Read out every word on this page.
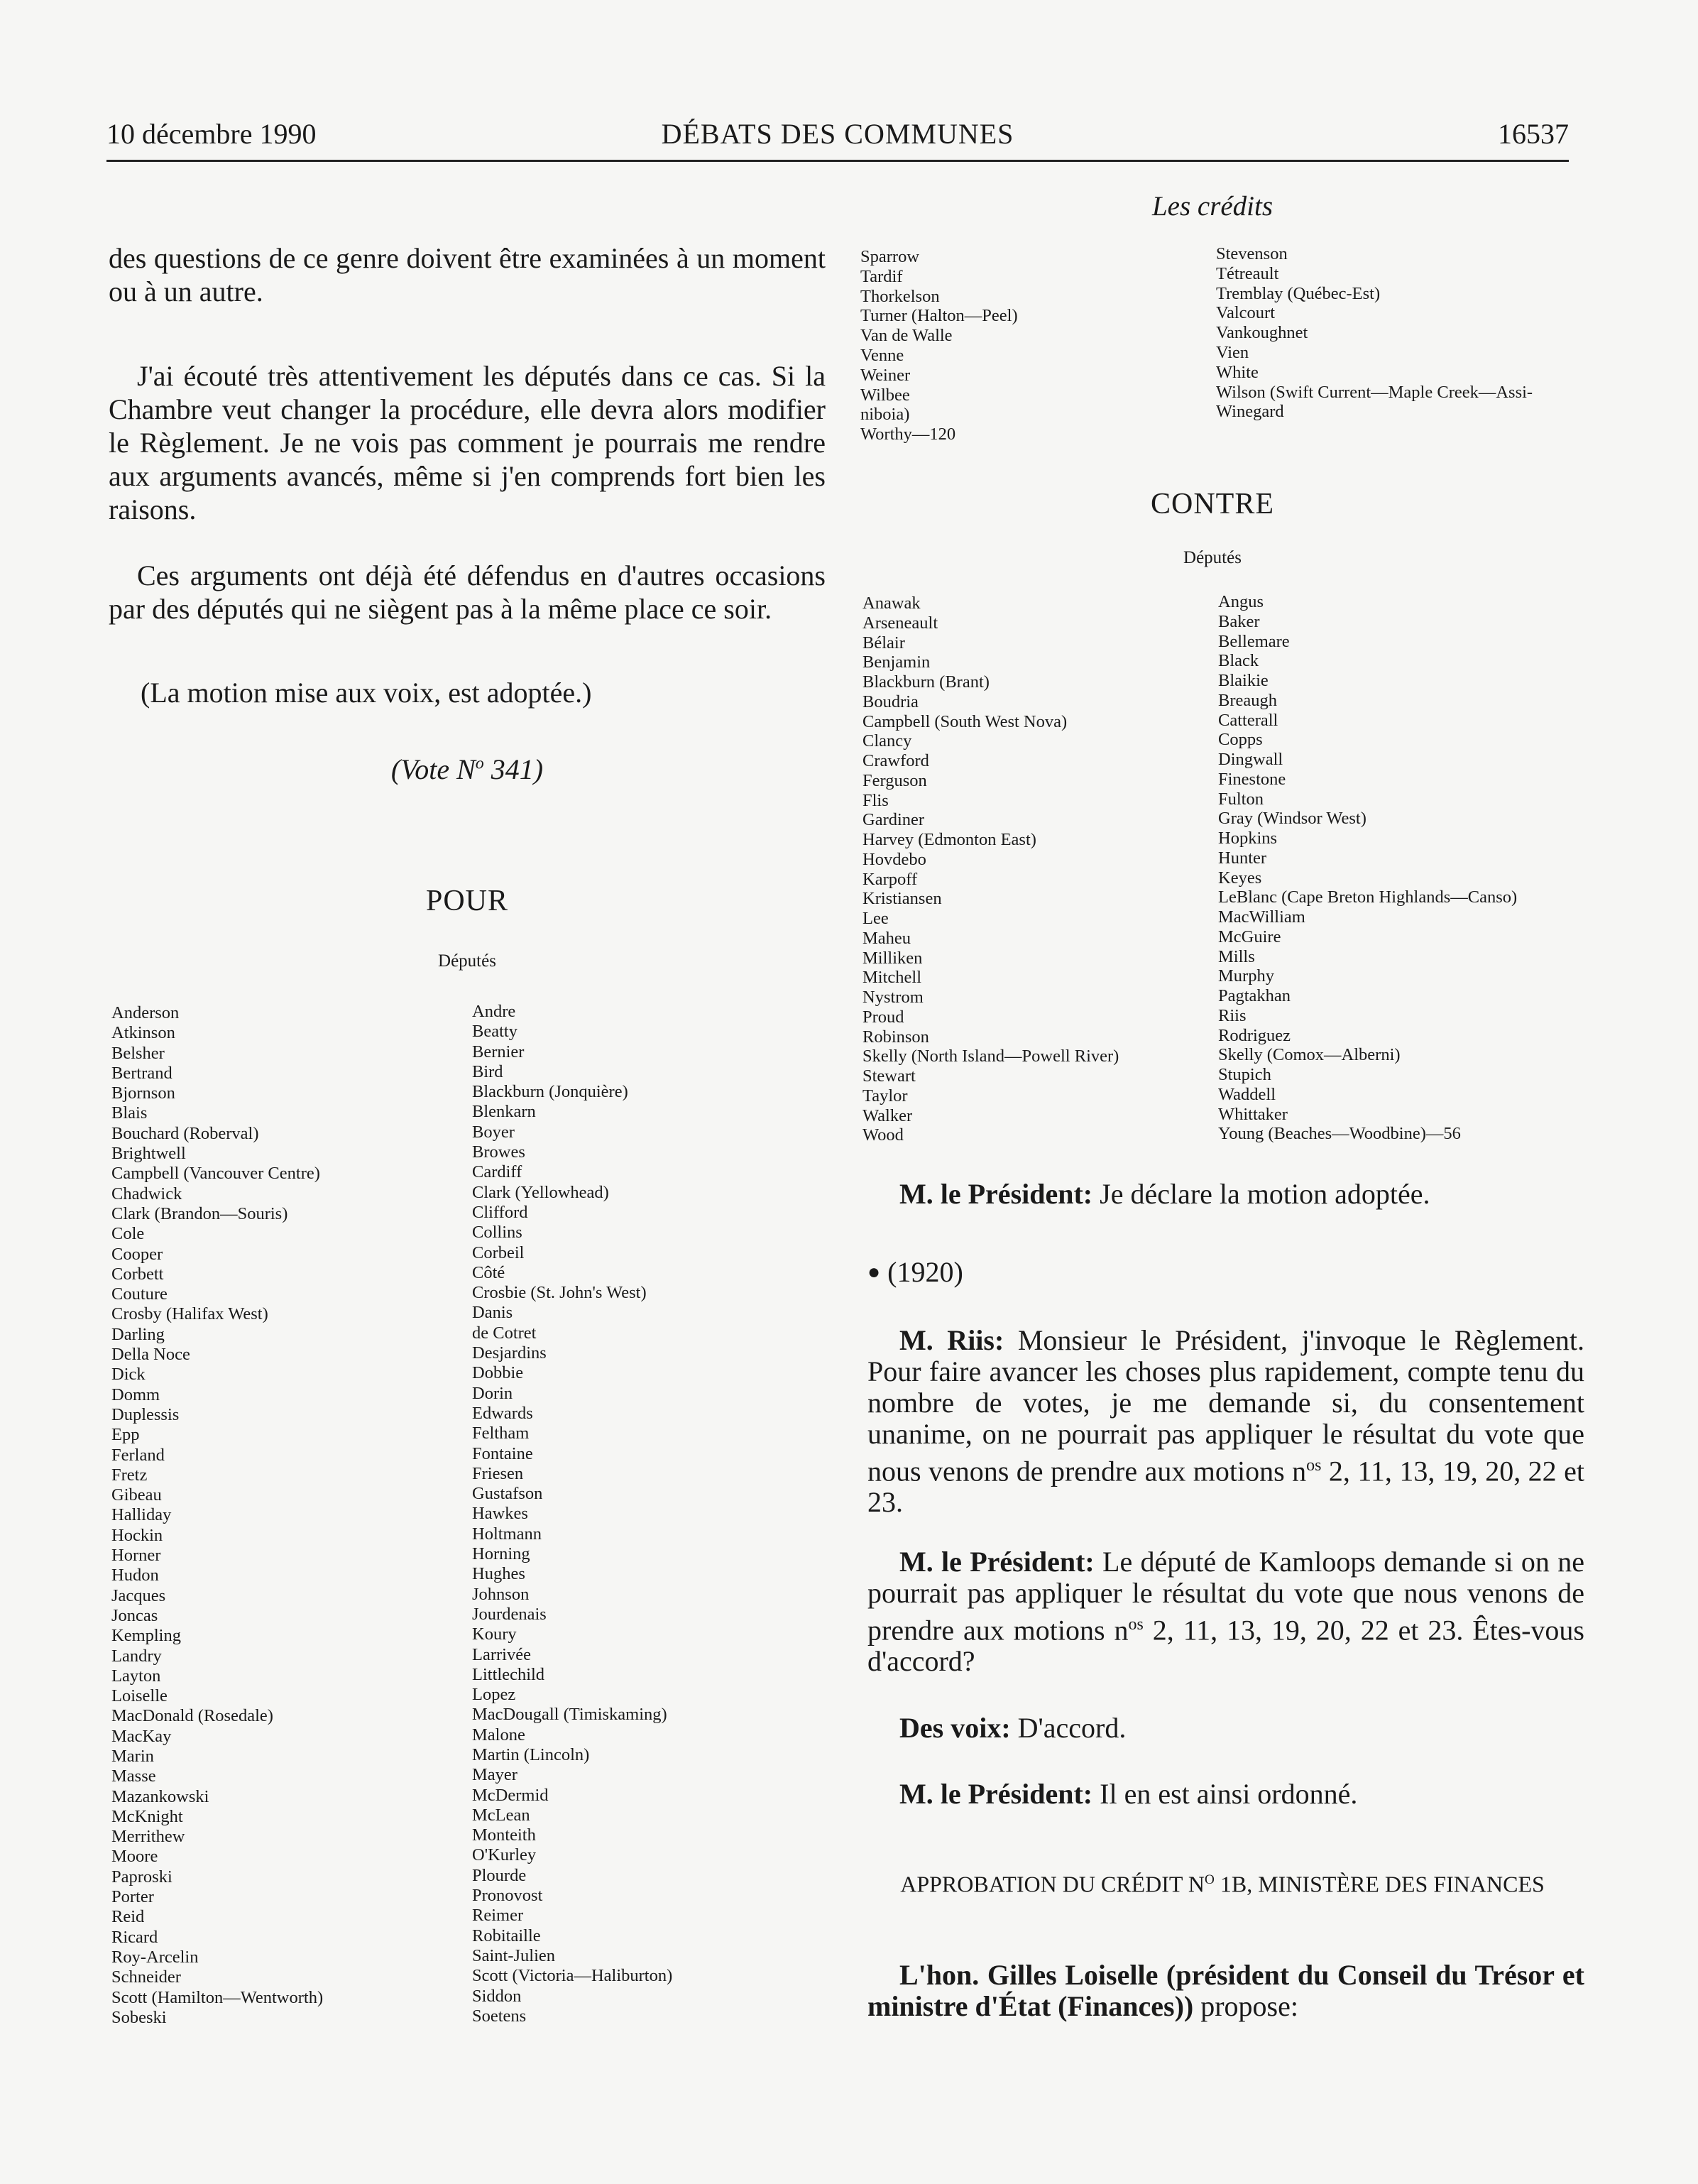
10 décembre 1990	DÉBATS DES COMMUNES	16537
Les crédits

des questions de ce genre doivent être examinées à un moment ou à un autre.

J'ai écouté très attentivement les députés dans ce cas. Si la Chambre veut changer la procédure, elle devra alors modifier le Règlement. Je ne vois pas comment je pourrais me rendre aux arguments avancés, même si j'en comprends fort bien les raisons.

Ces arguments ont déjà été défendus en d'autres occasions par des députés qui ne siègent pas à la même place ce soir.

(La motion mise aux voix, est adoptée.)

(Vote $N^o$ 341)
POUR
Députés
Anderson
Atkinson
Belsher
Bertrand
Bjornson
Blais
Bouchard (Roberval)
Brightwell
Campbell (Vancouver Centre)
Chadwick
Clark (Brandon—Souris)
Cole
Cooper
Corbett
Couture
Crosby (Halifax West)
Darling
Della Noce
Dick
Domm
Duplessis
Epp
Ferland
Fretz
Gibeau
Halliday
Hockin
Horner
Hudon
Jacques
Joncas
Kempling
Landry
Layton
Loiselle
MacDonald (Rosedale)
MacKay
Marin
Masse
Mazankowski
McKnight
Merrithew
Moore
Paproski
Porter
Reid
Ricard
Roy-Arcelin
Schneider
Scott (Hamilton—Wentworth)
Sobeski
Andre
Beatty
Bernier
Bird
Blackburn (Jonquière)
Blenkarn
Boyer
Browes
Cardiff
Clark (Yellowhead)
Clifford
Collins
Corbeil
Côté
Crosbie (St. John's West)
Danis
de Cotret
Desjardins
Dobbie
Dorin
Edwards
Feltham
Fontaine
Friesen
Gustafson
Hawkes
Holtmann
Horning
Hughes
Johnson
Jourdenais
Koury
Larrivée
Littlechild
Lopez
MacDougall (Timiskaming)
Malone
Martin (Lincoln)
Mayer
McDermid
McLean
Monteith
O'Kurley
Plourde
Pronovost
Reimer
Robitaille
Saint-Julien
Scott (Victoria—Haliburton)
Siddon
Soetens
Sparrow
Tardif
Thorkelson
Turner (Halton—Peel)
Van de Walle
Venne
Weiner
Wilbee
niboia)
Worthy—120
Stevenson
Tétreault
Tremblay (Québec-Est)
Valcourt
Vankoughnet
Vien
White
Wilson (Swift Current—Maple Creek—Assi-
Winegard
CONTRE
Députés
Anawak
Arseneault
Bélair
Benjamin
Blackburn (Brant)
Boudria
Campbell (South West Nova)
Clancy
Crawford
Ferguson
Flis
Gardiner
Harvey (Edmonton East)
Hovdebo
Karpoff
Kristiansen
Lee
Maheu
Milliken
Mitchell
Nystrom
Proud
Robinson
Skelly (North Island—Powell River)
Stewart
Taylor
Walker
Wood
Angus
Baker
Bellemare
Black
Blaikie
Breaugh
Catterall
Copps
Dingwall
Finestone
Fulton
Gray (Windsor West)
Hopkins
Hunter
Keyes
LeBlanc (Cape Breton Highlands—Canso)
MacWilliam
McGuire
Mills
Murphy
Pagtakhan
Riis
Rodriguez
Skelly (Comox—Alberni)
Stupich
Waddell
Whittaker
Young (Beaches—Woodbine)—56

M. le Président: Je déclare la motion adoptée.

● (1920)

M. Riis: Monsieur le Président, j'invoque le Règlement. Pour faire avancer les choses plus rapidement, compte tenu du nombre de votes, je me demande si, du consentement unanime, on ne pourrait pas appliquer le résultat du vote que nous venons de prendre aux motions $n^{os}$ 2, 11, 13, 19, 20, 22 et 23.

M. le Président: Le député de Kamloops demande si on ne pourrait pas appliquer le résultat du vote que nous venons de prendre aux motions $n^{os}$ 2, 11, 13, 19, 20, 22 et 23. Êtes-vous d'accord?

Des voix: D'accord.

M. le Président: Il en est ainsi ordonné.

APPROBATION DU CRÉDIT $N^O$ 1B, MINISTÈRE DES FINANCES

L'hon. Gilles Loiselle (président du Conseil du Trésor et ministre d'État (Finances)) propose:
